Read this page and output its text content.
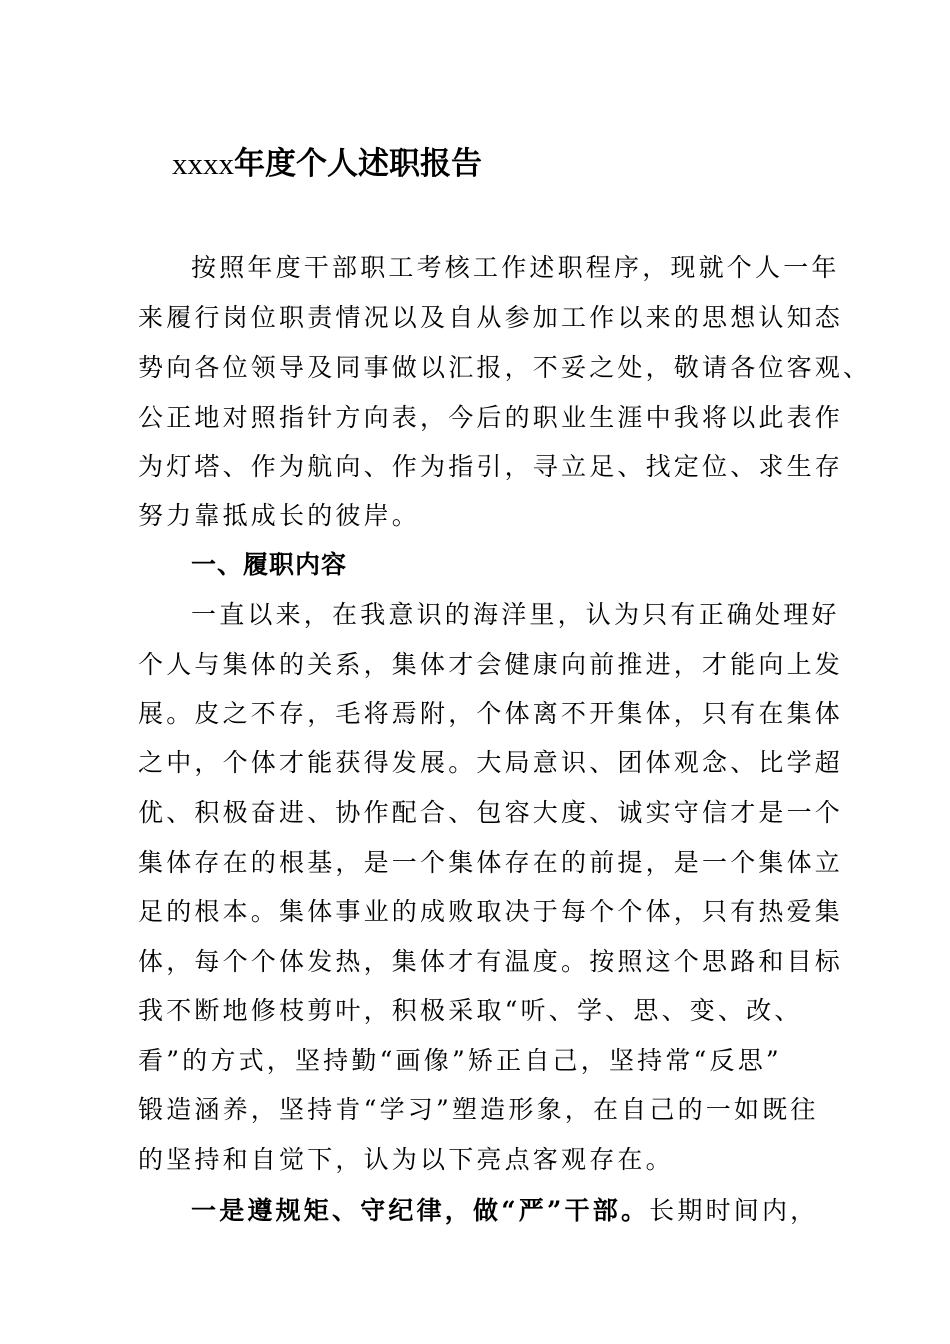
xxxx年度个人述职报告

按照年度干部职工考核工作述职程序，现就个人一年

来履行岗位职责情况以及自从参加工作以来的思想认知态

势向各位领导及同事做以汇报，不妥之处，敬请各位客观、

公正地对照指针方向表，今后的职业生涯中我将以此表作

为灯塔、作为航向、作为指引，寻立足、找定位、求生存

努力靠抵成长的彼岸。

一、履职内容

一直以来，在我意识的海洋里，认为只有正确处理好

个人与集体的关系，集体才会健康向前推进，才能向上发

展。皮之不存，毛将焉附，个体离不开集体，只有在集体

之中，个体才能获得发展。大局意识、团体观念、比学超

优、积极奋进、协作配合、包容大度、诚实守信才是一个

集体存在的根基，是一个集体存在的前提，是一个集体立

足的根本。集体事业的成败取决于每个个体，只有热爱集

体，每个个体发热，集体才有温度。按照这个思路和目标

我不断地修枝剪叶，积极采取“听、学、思、变、改、

看”的方式，坚持勤“画像”矫正自己，坚持常“反思”

锻造涵养，坚持肯“学习”塑造形象，在自己的一如既往

的坚持和自觉下，认为以下亮点客观存在。

一是遵规矩、守纪律，做“严”干部。长期时间内，
